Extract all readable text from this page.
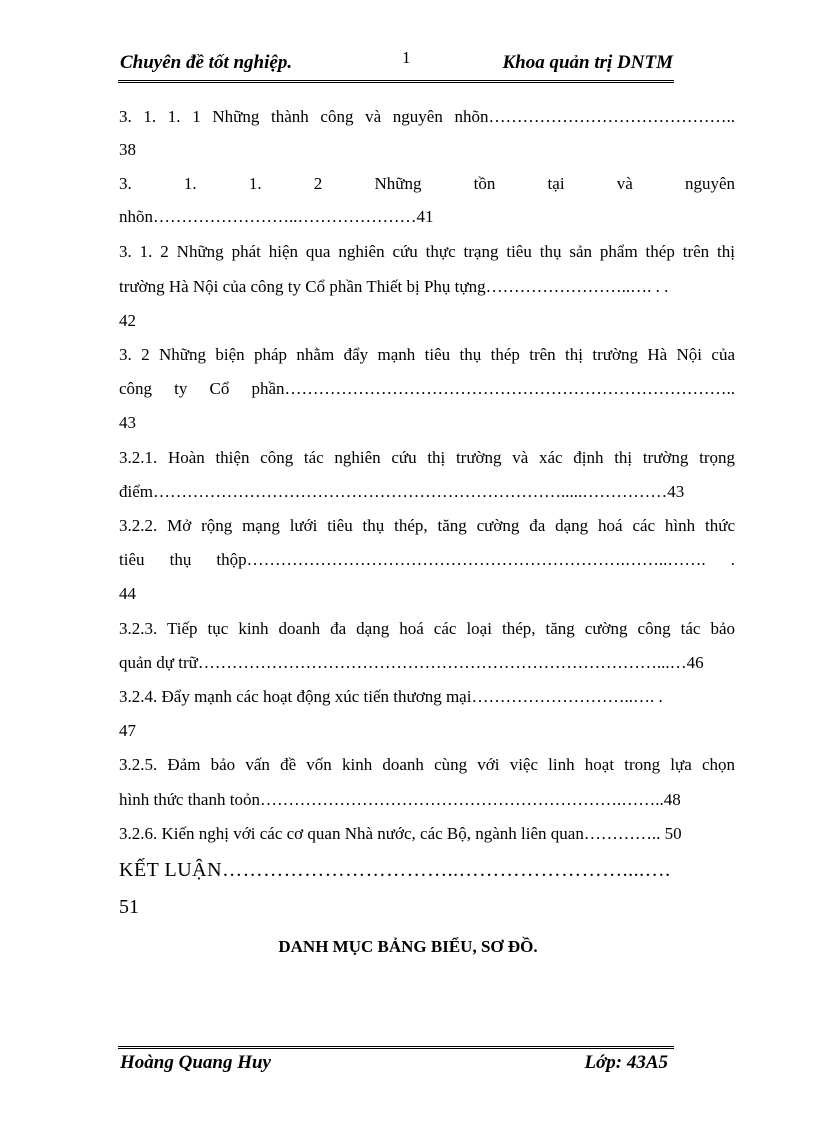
Chuyên đề tốt nghiệp.	1	Khoa quản trị DNTM
3. 1. 1. 1 Những thành công và nguyên nhõn……………………………………..
38
3. 1. 1. 2 Những tồn tại và nguyên
nhõn……………………..…………………41
3. 1. 2 Những phát hiện qua nghiên cứu thực trạng tiêu thụ sản phẩm thép trên thị
trường Hà Nội của công ty Cổ phần Thiết bị Phụ tựng……………………..…. . .
42
3. 2 Những biện pháp nhằm đẩy mạnh tiêu thụ thép trên thị trường Hà Nội của
công ty Cổ phần……………………………………………………………………..
43
3.2.1. Hoàn thiện công tác nghiên cứu thị trường và xác định thị trường trọng
điểm……………………………………………………………….....……………43
3.2.2. Mở rộng mạng lưới tiêu thụ thép, tăng cường đa dạng hoá các hình thức
tiêu thụ thộp………………………………………………………….……..……. .
44
3.2.3. Tiếp tục kinh doanh đa dạng hoá các loại thép, tăng cường công tác bảo
quản dự trữ………………………………………………………………………...…46
3.2.4. Đẩy mạnh các hoạt động xúc tiến thương mại………………………..…. .
47
3.2.5. Đảm bảo vấn đề vốn kinh doanh cùng với việc linh hoạt trong lựa chọn
hình thức thanh toỏn……………………………………………………….……..48
3.2.6. Kiến nghị với các cơ quan Nhà nước, các Bộ, ngành liên quan………….. 50
KẾT LUẬN……………………………..……………………....….
51
DANH MỤC BẢNG BIỂU, SƠ ĐỒ.
Hoàng Quang Huy	Lớp: 43A5
